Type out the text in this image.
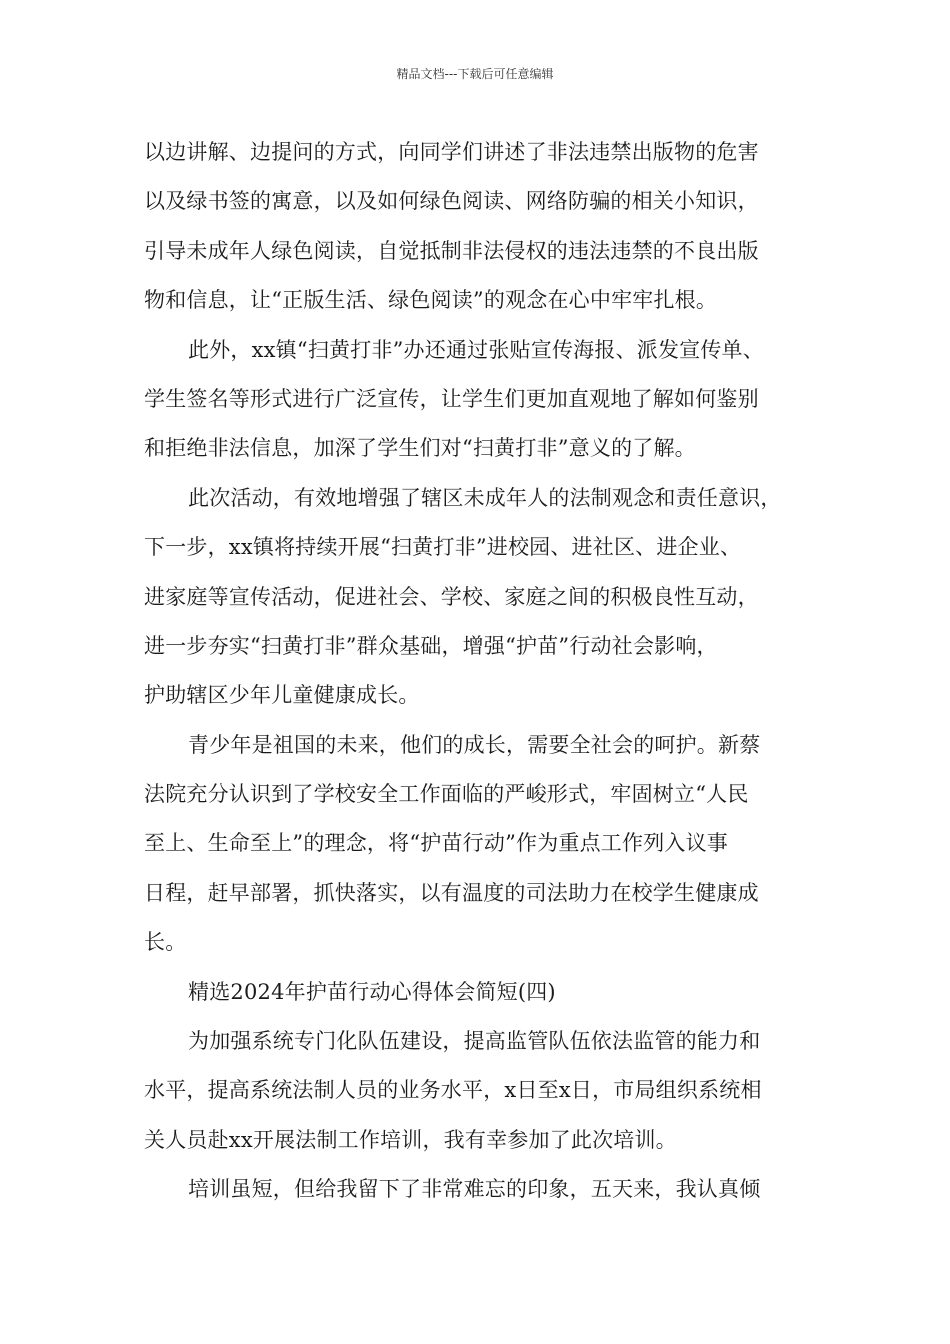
精品文档---下载后可任意编辑
以边讲解、边提问的方式，向同学们讲述了非法违禁出版物的危害
以及绿书签的寓意，以及如何绿色阅读、网络防骗的相关小知识，
引导未成年人绿色阅读，自觉抵制非法侵权的违法违禁的不良出版
物和信息，让“正版生活、绿色阅读”的观念在心中牢牢扎根。
此外，xx镇“扫黄打非”办还通过张贴宣传海报、派发宣传单、
学生签名等形式进行广泛宣传，让学生们更加直观地了解如何鉴别
和拒绝非法信息，加深了学生们对“扫黄打非”意义的了解。
此次活动，有效地增强了辖区未成年人的法制观念和责任意识，
下一步，xx镇将持续开展“扫黄打非”进校园、进社区、进企业、
进家庭等宣传活动，促进社会、学校、家庭之间的积极良性互动，
进一步夯实“扫黄打非”群众基础，增强“护苗”行动社会影响，
护助辖区少年儿童健康成长。
青少年是祖国的未来，他们的成长，需要全社会的呵护。新蔡
法院充分认识到了学校安全工作面临的严峻形式，牢固树立“人民
至上、生命至上”的理念，将“护苗行动”作为重点工作列入议事
日程，赶早部署，抓快落实，以有温度的司法助力在校学生健康成
长。
精选2024年护苗行动心得体会简短(四)
为加强系统专门化队伍建设，提高监管队伍依法监管的能力和
水平，提高系统法制人员的业务水平，x日至x日，市局组织系统相
关人员赴xx开展法制工作培训，我有幸参加了此次培训。
培训虽短，但给我留下了非常难忘的印象，五天来，我认真倾
